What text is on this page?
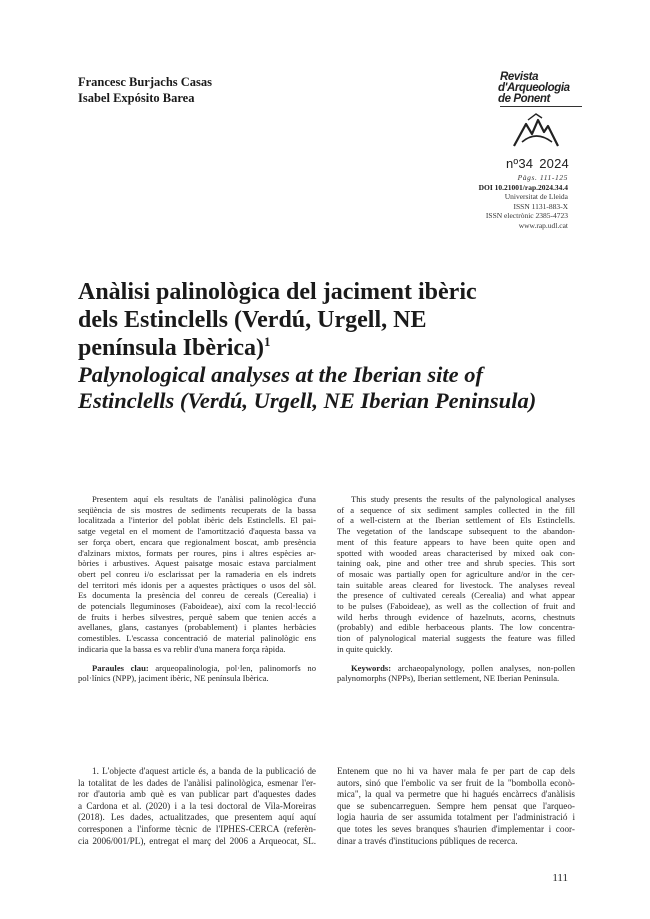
Francesc Burjachs Casas
Isabel Expósito Barea
Revista
d'Arqueologia
de Ponent
nº34 2024
Pàgs. 111-125
DOI 10.21001/rap.2024.34.4
Universitat de Lleida
ISSN 1131-883-X
ISSN electrònic 2385-4723
www.rap.udl.cat
Anàlisi palinològica del jaciment ibèric
dels Estinclells (Verdú, Urgell, NE
península Ibèrica)$^1$
Palynological analyses at the Iberian site of
Estinclells (Verdú, Urgell, NE Iberian Peninsula)

Presentem aquí els resultats de l'anàlisi palinològica d'una
seqüència de sis mostres de sediments recuperats de la bassa
localitzada a l'interior del poblat ibèric dels Estinclells. El pai-
satge vegetal en el moment de l'amortització d'aquesta bassa va
ser força obert, encara que regionalment boscat, amb presència
d'alzinars mixtos, formats per roures, pins i altres espècies ar-
bòries i arbustives. Aquest paisatge mosaic estava parcialment
obert pel conreu i/o esclarissat per la ramaderia en els indrets
del territori més idonis per a aquestes pràctiques o usos del sòl.
Es documenta la presència del conreu de cereals (Cerealia) i
de potencials lleguminoses (Faboideae), així com la recol·lecció
de fruits i herbes silvestres, perquè sabem que tenien accés a
avellanes, glans, castanyes (probablement) i plantes herbàcies
comestibles. L'escassa concentració de material palinològic ens
indicaria que la bassa es va reblir d'una manera força ràpida.

Paraules clau: arqueopalinologia, pol·len, palinomorfs no
pol·línics (NPP), jaciment ibèric, NE península Ibèrica.

This study presents the results of the palynological analyses
of a sequence of six sediment samples collected in the fill
of a well-cistern at the Iberian settlement of Els Estinclells.
The vegetation of the landscape subsequent to the abandon-
ment of this feature appears to have been quite open and
spotted with wooded areas characterised by mixed oak con-
taining oak, pine and other tree and shrub species. This sort
of mosaic was partially open for agriculture and/or in the cer-
tain suitable areas cleared for livestock. The analyses reveal
the presence of cultivated cereals (Cerealia) and what appear
to be pulses (Faboideae), as well as the collection of fruit and
wild herbs through evidence of hazelnuts, acorns, chestnuts
(probably) and edible herbaceous plants. The low concentra-
tion of palynological material suggests the feature was filled
in quite quickly.

Keywords: archaeopalynology, pollen analyses, non-pollen
palynomorphs (NPPs), Iberian settlement, NE Iberian Peninsula.

1. L'objecte d'aquest article és, a banda de la publicació de
la totalitat de les dades de l'anàlisi palinològica, esmenar l'er-
ror d'autoria amb què es van publicar part d'aquestes dades
a Cardona et al. (2020) i a la tesi doctoral de Vila-Moreiras
(2018). Les dades, actualitzades, que presentem aquí aquí
corresponen a l'informe tècnic de l'IPHES-CERCA (referèn-
cia 2006/001/PL), entregat el març del 2006 a Arqueocat, SL.
Entenem que no hi va haver mala fe per part de cap dels
autors, sinó que l'embolic va ser fruit de la "bombolla econò-
mica", la qual va permetre que hi hagués encàrrecs d'anàlisis
que se subencarreguen. Sempre hem pensat que l'arqueo-
logia hauria de ser assumida totalment per l'administració i
que totes les seves branques s'haurien d'implementar i coor-
dinar a través d'institucions públiques de recerca.
111
